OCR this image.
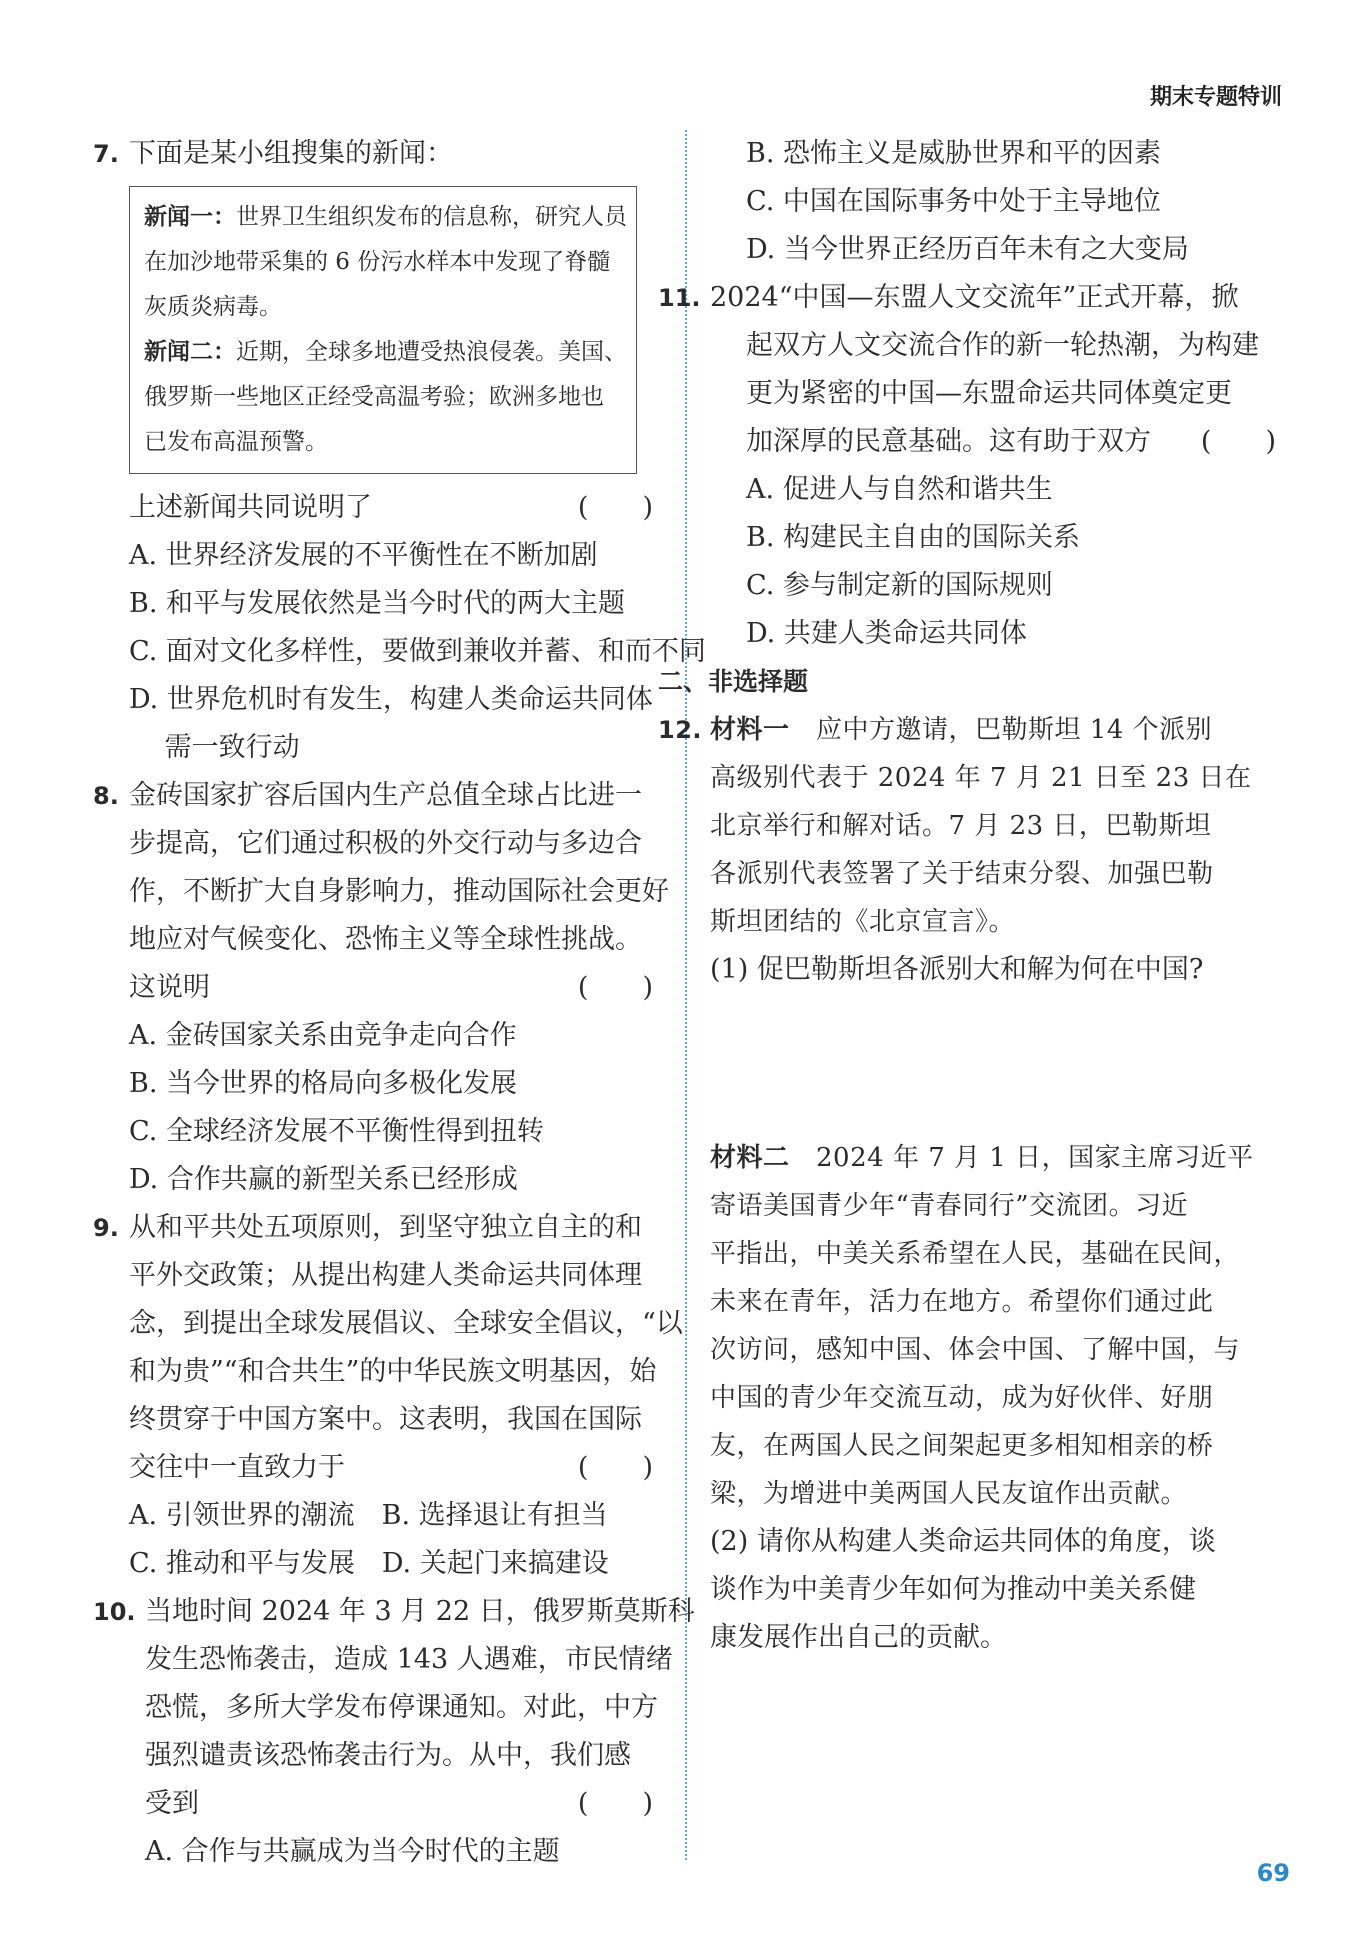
期末专题特训
7. 下面是某小组搜集的新闻：
新闻一：世界卫生组织发布的信息称，研究人员
在加沙地带采集的 6 份污水样本中发现了脊髓
灰质炎病毒。
新闻二：近期，全球多地遭受热浪侵袭。美国、
俄罗斯一些地区正经受高温考验；欧洲多地也
已发布高温预警。
上述新闻共同说明了	(　　)
A. 世界经济发展的不平衡性在不断加剧
B. 和平与发展依然是当今时代的两大主题
C. 面对文化多样性，要做到兼收并蓄、和而不同
D. 世界危机时有发生，构建人类命运共同体
　 需一致行动
8. 金砖国家扩容后国内生产总值全球占比进一
步提高，它们通过积极的外交行动与多边合
作，不断扩大自身影响力，推动国际社会更好
地应对气候变化、恐怖主义等全球性挑战。
这说明	(　　)
A. 金砖国家关系由竞争走向合作
B. 当今世界的格局向多极化发展
C. 全球经济发展不平衡性得到扭转
D. 合作共赢的新型关系已经形成
9. 从和平共处五项原则，到坚守独立自主的和
平外交政策；从提出构建人类命运共同体理
念，到提出全球发展倡议、全球安全倡议，“以
和为贵”“和合共生”的中华民族文明基因，始
终贯穿于中国方案中。这表明，我国在国际
交往中一直致力于	(　　)
A. 引领世界的潮流　B. 选择退让有担当
C. 推动和平与发展　D. 关起门来搞建设
10. 当地时间 2024 年 3 月 22 日，俄罗斯莫斯科
发生恐怖袭击，造成 143 人遇难，市民情绪
恐慌，多所大学发布停课通知。对此，中方
强烈谴责该恐怖袭击行为。从中，我们感
受到	(　　)
A. 合作与共赢成为当今时代的主题
B. 恐怖主义是威胁世界和平的因素
C. 中国在国际事务中处于主导地位
D. 当今世界正经历百年未有之大变局
11. 2024“中国—东盟人文交流年”正式开幕，掀
起双方人文交流合作的新一轮热潮，为构建
更为紧密的中国—东盟命运共同体奠定更
加深厚的民意基础。这有助于双方 (　　)
A. 促进人与自然和谐共生
B. 构建民主自由的国际关系
C. 参与制定新的国际规则
D. 共建人类命运共同体
二、非选择题
12. 材料一　应中方邀请，巴勒斯坦 14 个派别
高级别代表于 2024 年 7 月 21 日至 23 日在
北京举行和解对话。7 月 23 日，巴勒斯坦
各派别代表签署了关于结束分裂、加强巴勒
斯坦团结的《北京宣言》。
(1) 促巴勒斯坦各派别大和解为何在中国?
材料二　2024 年 7 月 1 日，国家主席习近平
寄语美国青少年“青春同行”交流团。习近
平指出，中美关系希望在人民，基础在民间，
未来在青年，活力在地方。希望你们通过此
次访问，感知中国、体会中国、了解中国，与
中国的青少年交流互动，成为好伙伴、好朋
友，在两国人民之间架起更多相知相亲的桥
梁，为增进中美两国人民友谊作出贡献。
(2) 请你从构建人类命运共同体的角度，谈
谈作为中美青少年如何为推动中美关系健
康发展作出自己的贡献。
69
